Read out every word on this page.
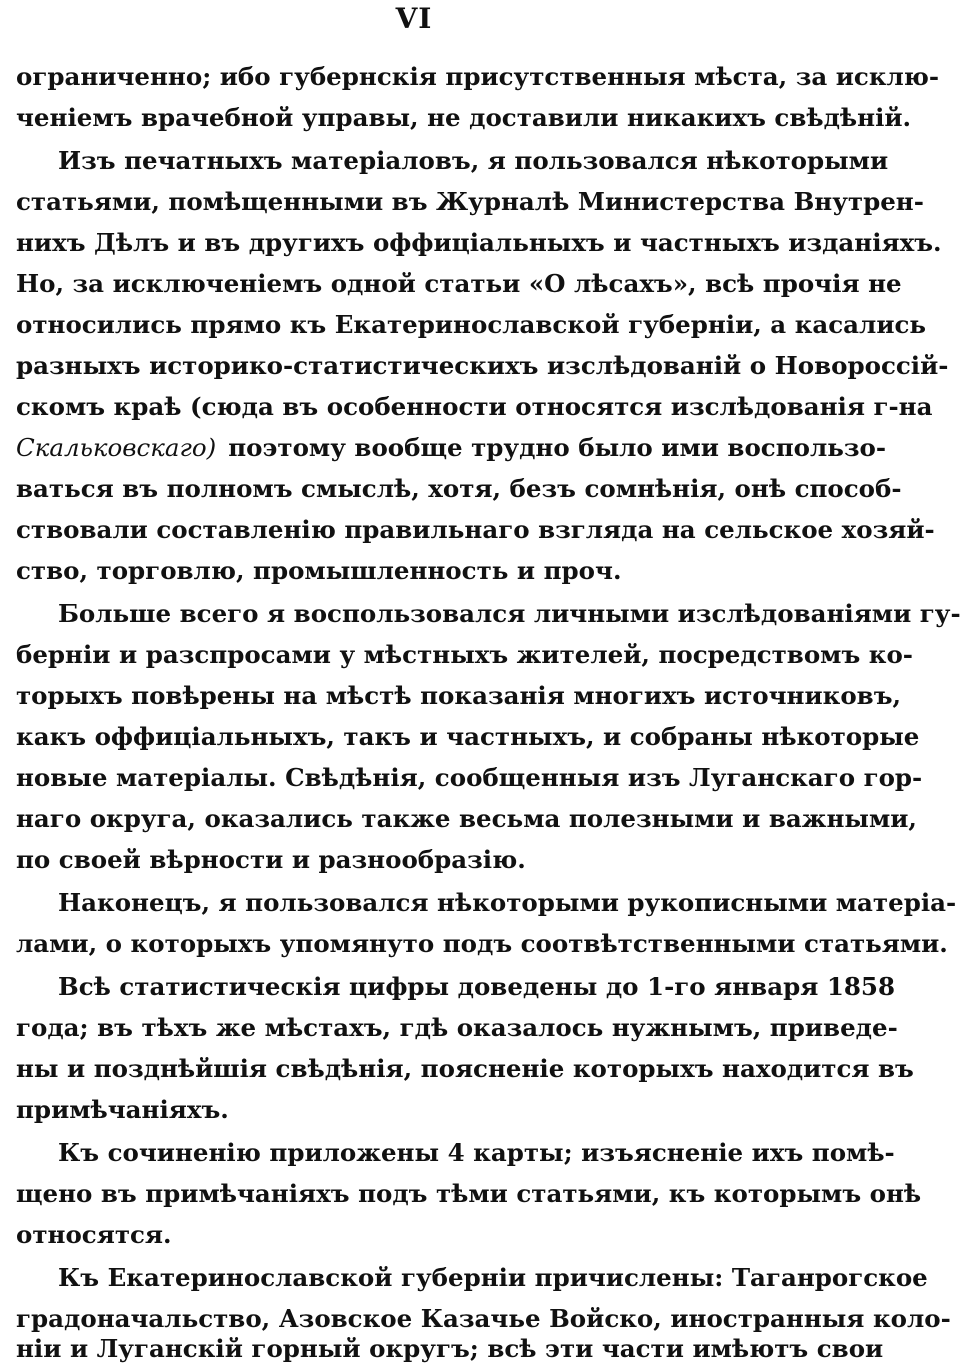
VI
ограниченно; ибо губернскія присутственныя мѣста, за исклю-
ченіемъ врачебной управы, не доставили никакихъ свѣдѣній.
Изъ печатныхъ матеріаловъ, я пользовался нѣкоторыми
статьями, помѣщенными въ Журналѣ Министерства Внутрен-
нихъ Дѣлъ и въ другихъ оффиціальныхъ и частныхъ изданіяхъ.
Но, за исключеніемъ одной статьи «О лѣсахъ», всѣ прочія не
относились прямо къ Екатеринославской губерніи, а касались
разныхъ историко-статистическихъ изслѣдованій о Новороссій-
скомъ краѣ (сюда въ особенности относятся изслѣдованія г-на
Скальковскаго) поэтому вообще трудно было ими воспользо-
ваться въ полномъ смыслѣ, хотя, безъ сомнѣнія, онѣ способ-
ствовали составленію правильнаго взгляда на сельское хозяй-
ство, торговлю, промышленность и проч.
Больше всего я воспользовался личными изслѣдованіями гу-
берніи и разспросами у мѣстныхъ жителей, посредствомъ ко-
торыхъ повѣрены на мѣстѣ показанія многихъ источниковъ,
какъ оффиціальныхъ, такъ и частныхъ, и собраны нѣкоторые
новые матеріалы. Свѣдѣнія, сообщенныя изъ Луганскаго гор-
наго округа, оказались также весьма полезными и важными,
по своей вѣрности и разнообразію.
Наконецъ, я пользовался нѣкоторыми рукописными матеріа-
лами, о которыхъ упомянуто подъ соотвѣтственными статьями.
Всѣ статистическія цифры доведены до 1-го января 1858
года; въ тѣхъ же мѣстахъ, гдѣ оказалось нужнымъ, приведе-
ны и позднѣйшія свѣдѣнія, поясненіе которыхъ находится въ
примѣчаніяхъ.
Къ сочиненію приложены 4 карты; изъясненіе ихъ помѣ-
щено въ примѣчаніяхъ подъ тѣми статьями, къ которымъ онѣ
относятся.
Къ Екатеринославской губерніи причислены: Таганрогское
градоначальство, Азовское Казачье Войско, иностранныя коло-
ніи и Луганскій горный округъ; всѣ эти части имѣютъ свои
